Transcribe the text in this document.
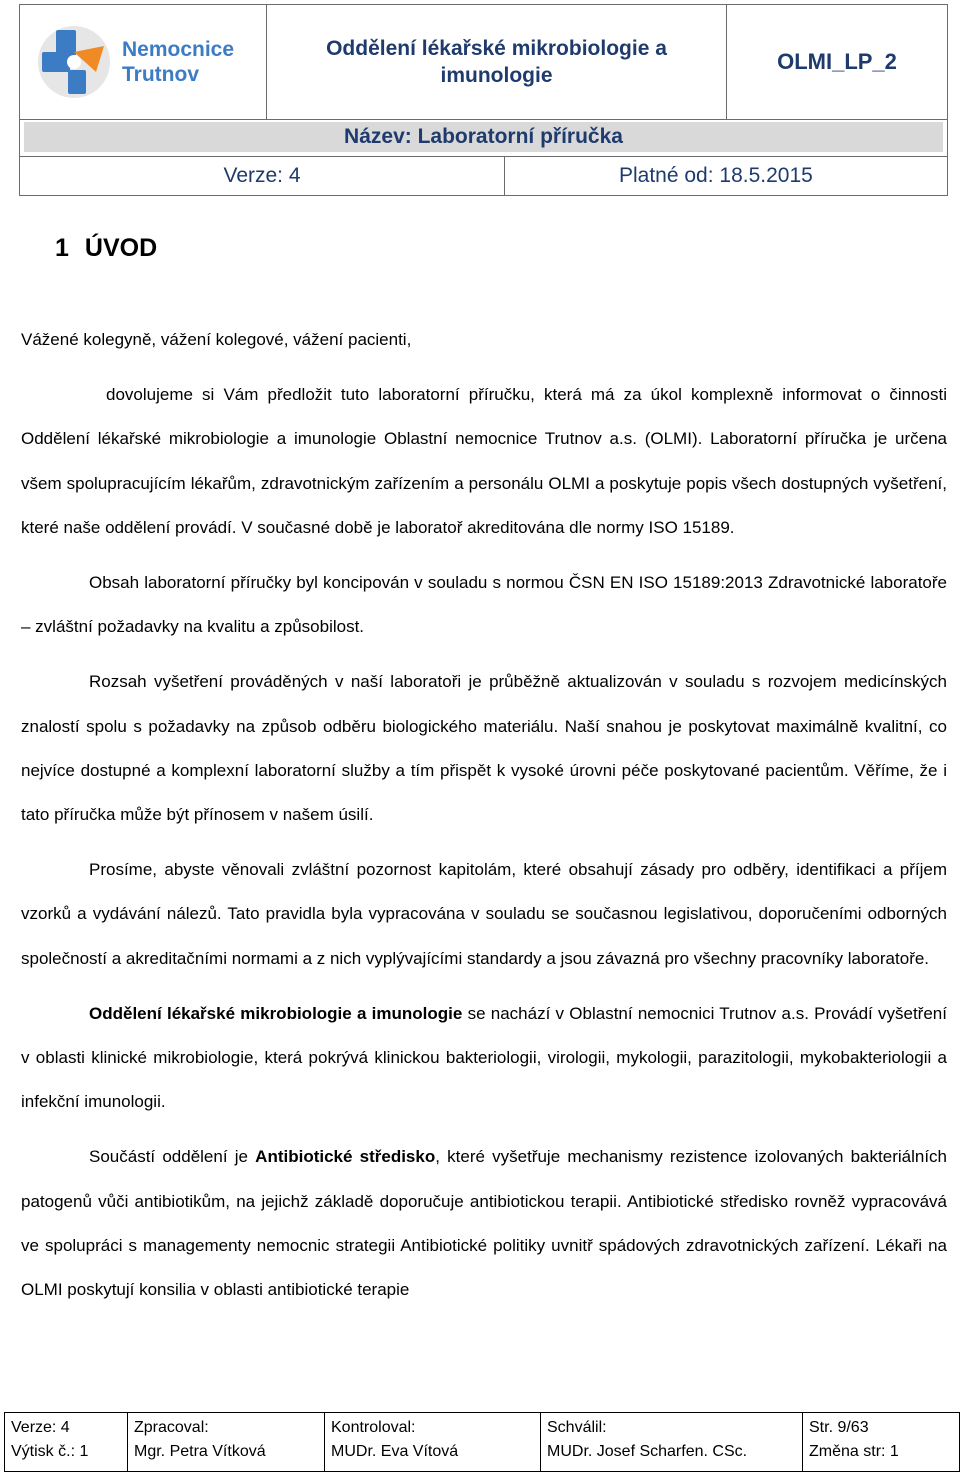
Nemocnice
Trutnov
Oddělení lékařské mikrobiologie a imunologie
OLMI_LP_2
Název: Laboratorní příručka
Verze: 4	Platné od: 18.5.2015
1 ÚVOD

Vážené kolegyně, vážení kolegové, vážení pacienti,

dovolujeme si Vám předložit tuto laboratorní příručku, která má za úkol komplexně informovat o činnosti Oddělení lékařské mikrobiologie a imunologie Oblastní nemocnice Trutnov a.s. (OLMI). Laboratorní příručka je určena všem spolupracujícím lékařům, zdravotnickým zařízením a personálu OLMI a poskytuje popis všech dostupných vyšetření, které naše oddělení provádí. V současné době je laboratoř akreditována dle normy ISO 15189.

Obsah laboratorní příručky byl koncipován v souladu s normou ČSN EN ISO 15189:2013 Zdravotnické laboratoře – zvláštní požadavky na kvalitu a způsobilost.

Rozsah vyšetření prováděných v naší laboratoři je průběžně aktualizován v souladu s rozvojem medicínských znalostí spolu s požadavky na způsob odběru biologického materiálu. Naší snahou je poskytovat maximálně kvalitní, co nejvíce dostupné a komplexní laboratorní služby a tím přispět k vysoké úrovni péče poskytované pacientům. Věříme, že i tato příručka může být přínosem v našem úsilí.

Prosíme, abyste věnovali zvláštní pozornost kapitolám, které obsahují zásady pro odběry, identifikaci a příjem vzorků a vydávání nálezů. Tato pravidla byla vypracována v souladu se současnou legislativou, doporučeními odborných společností a akreditačními normami a z nich vyplývajícími standardy a jsou závazná pro všechny pracovníky laboratoře.

Oddělení lékařské mikrobiologie a imunologie se nachází v Oblastní nemocnici Trutnov a.s. Provádí vyšetření v oblasti klinické mikrobiologie, která pokrývá klinickou bakteriologii, virologii, mykologii, parazitologii, mykobakteriologii a infekční imunologii.

Součástí oddělení je Antibiotické středisko, které vyšetřuje mechanismy rezistence izolovaných bakteriálních patogenů vůči antibiotikům, na jejichž základě doporučuje antibiotickou terapii. Antibiotické středisko rovněž vypracovává ve spolupráci s managementy nemocnic strategii Antibiotické politiky uvnitř spádových zdravotnických zařízení. Lékaři na OLMI poskytují konsilia v oblasti antibiotické terapie

Verze: 4
Výtisk č.: 1
Zpracoval:
Mgr. Petra Vítková
Kontroloval:
MUDr. Eva Vítová
Schválil:
MUDr. Josef Scharfen. CSc.
Str. 9/63
Změna str: 1
